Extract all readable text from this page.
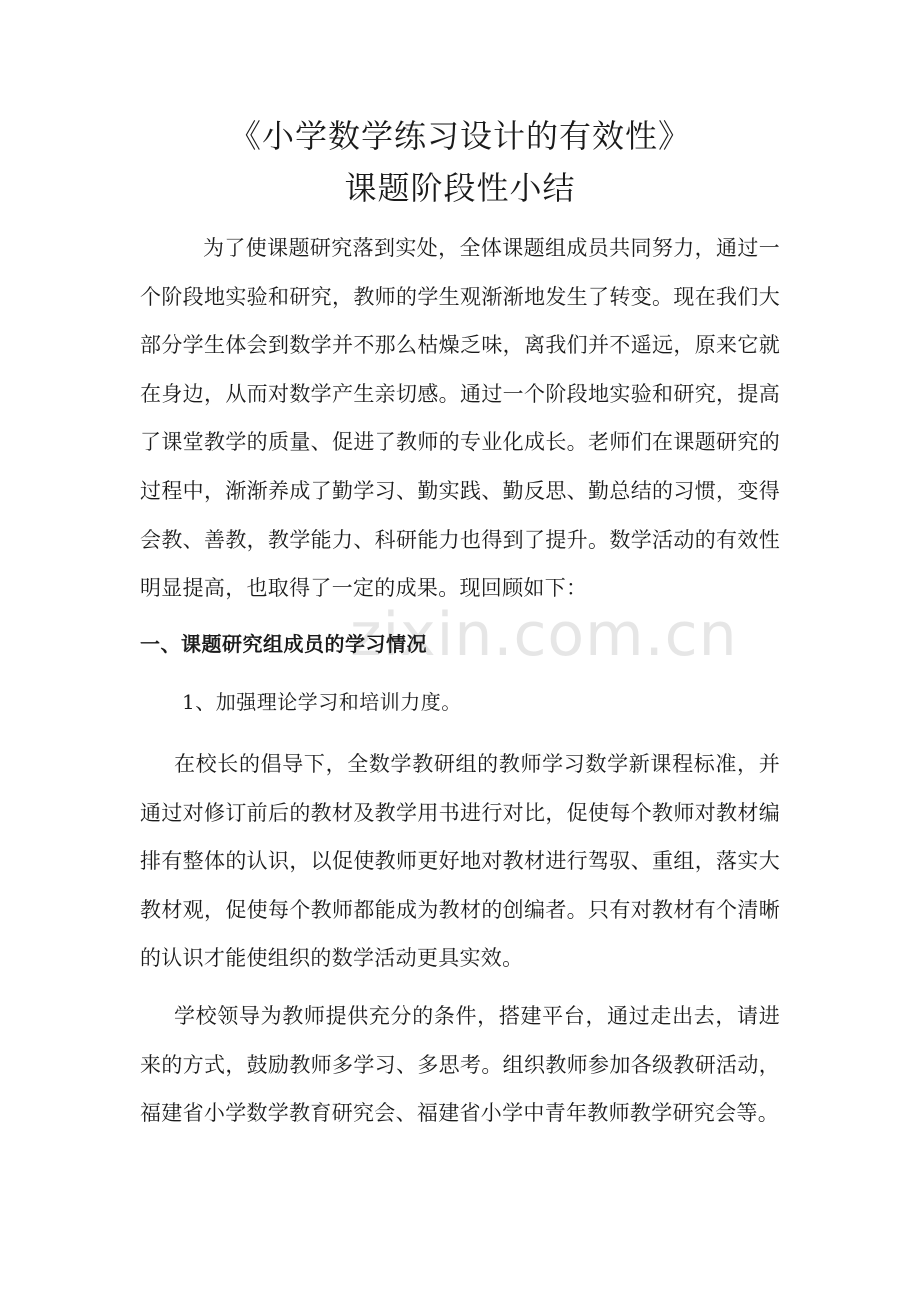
《小学数学练习设计的有效性》
课题阶段性小结
为了使课题研究落到实处，全体课题组成员共同努力，通过一个阶段地实验和研究，教师的学生观渐渐地发生了转变。现在我们大部分学生体会到数学并不那么枯燥乏味，离我们并不遥远，原来它就在身边，从而对数学产生亲切感。通过一个阶段地实验和研究，提高了课堂教学的质量、促进了教师的专业化成长。老师们在课题研究的过程中，渐渐养成了勤学习、勤实践、勤反思、勤总结的习惯，变得会教、善教，教学能力、科研能力也得到了提升。数学活动的有效性明显提高，也取得了一定的成果。现回顾如下：
zixin.com.cn
一、课题研究组成员的学习情况
1、加强理论学习和培训力度。
在校长的倡导下，全数学教研组的教师学习数学新课程标准，并通过对修订前后的教材及教学用书进行对比，促使每个教师对教材编排有整体的认识，以促使教师更好地对教材进行驾驭、重组，落实大教材观，促使每个教师都能成为教材的创编者。只有对教材有个清晰的认识才能使组织的数学活动更具实效。
学校领导为教师提供充分的条件，搭建平台，通过走出去，请进来的方式，鼓励教师多学习、多思考。组织教师参加各级教研活动，福建省小学数学教育研究会、福建省小学中青年教师教学研究会等。
